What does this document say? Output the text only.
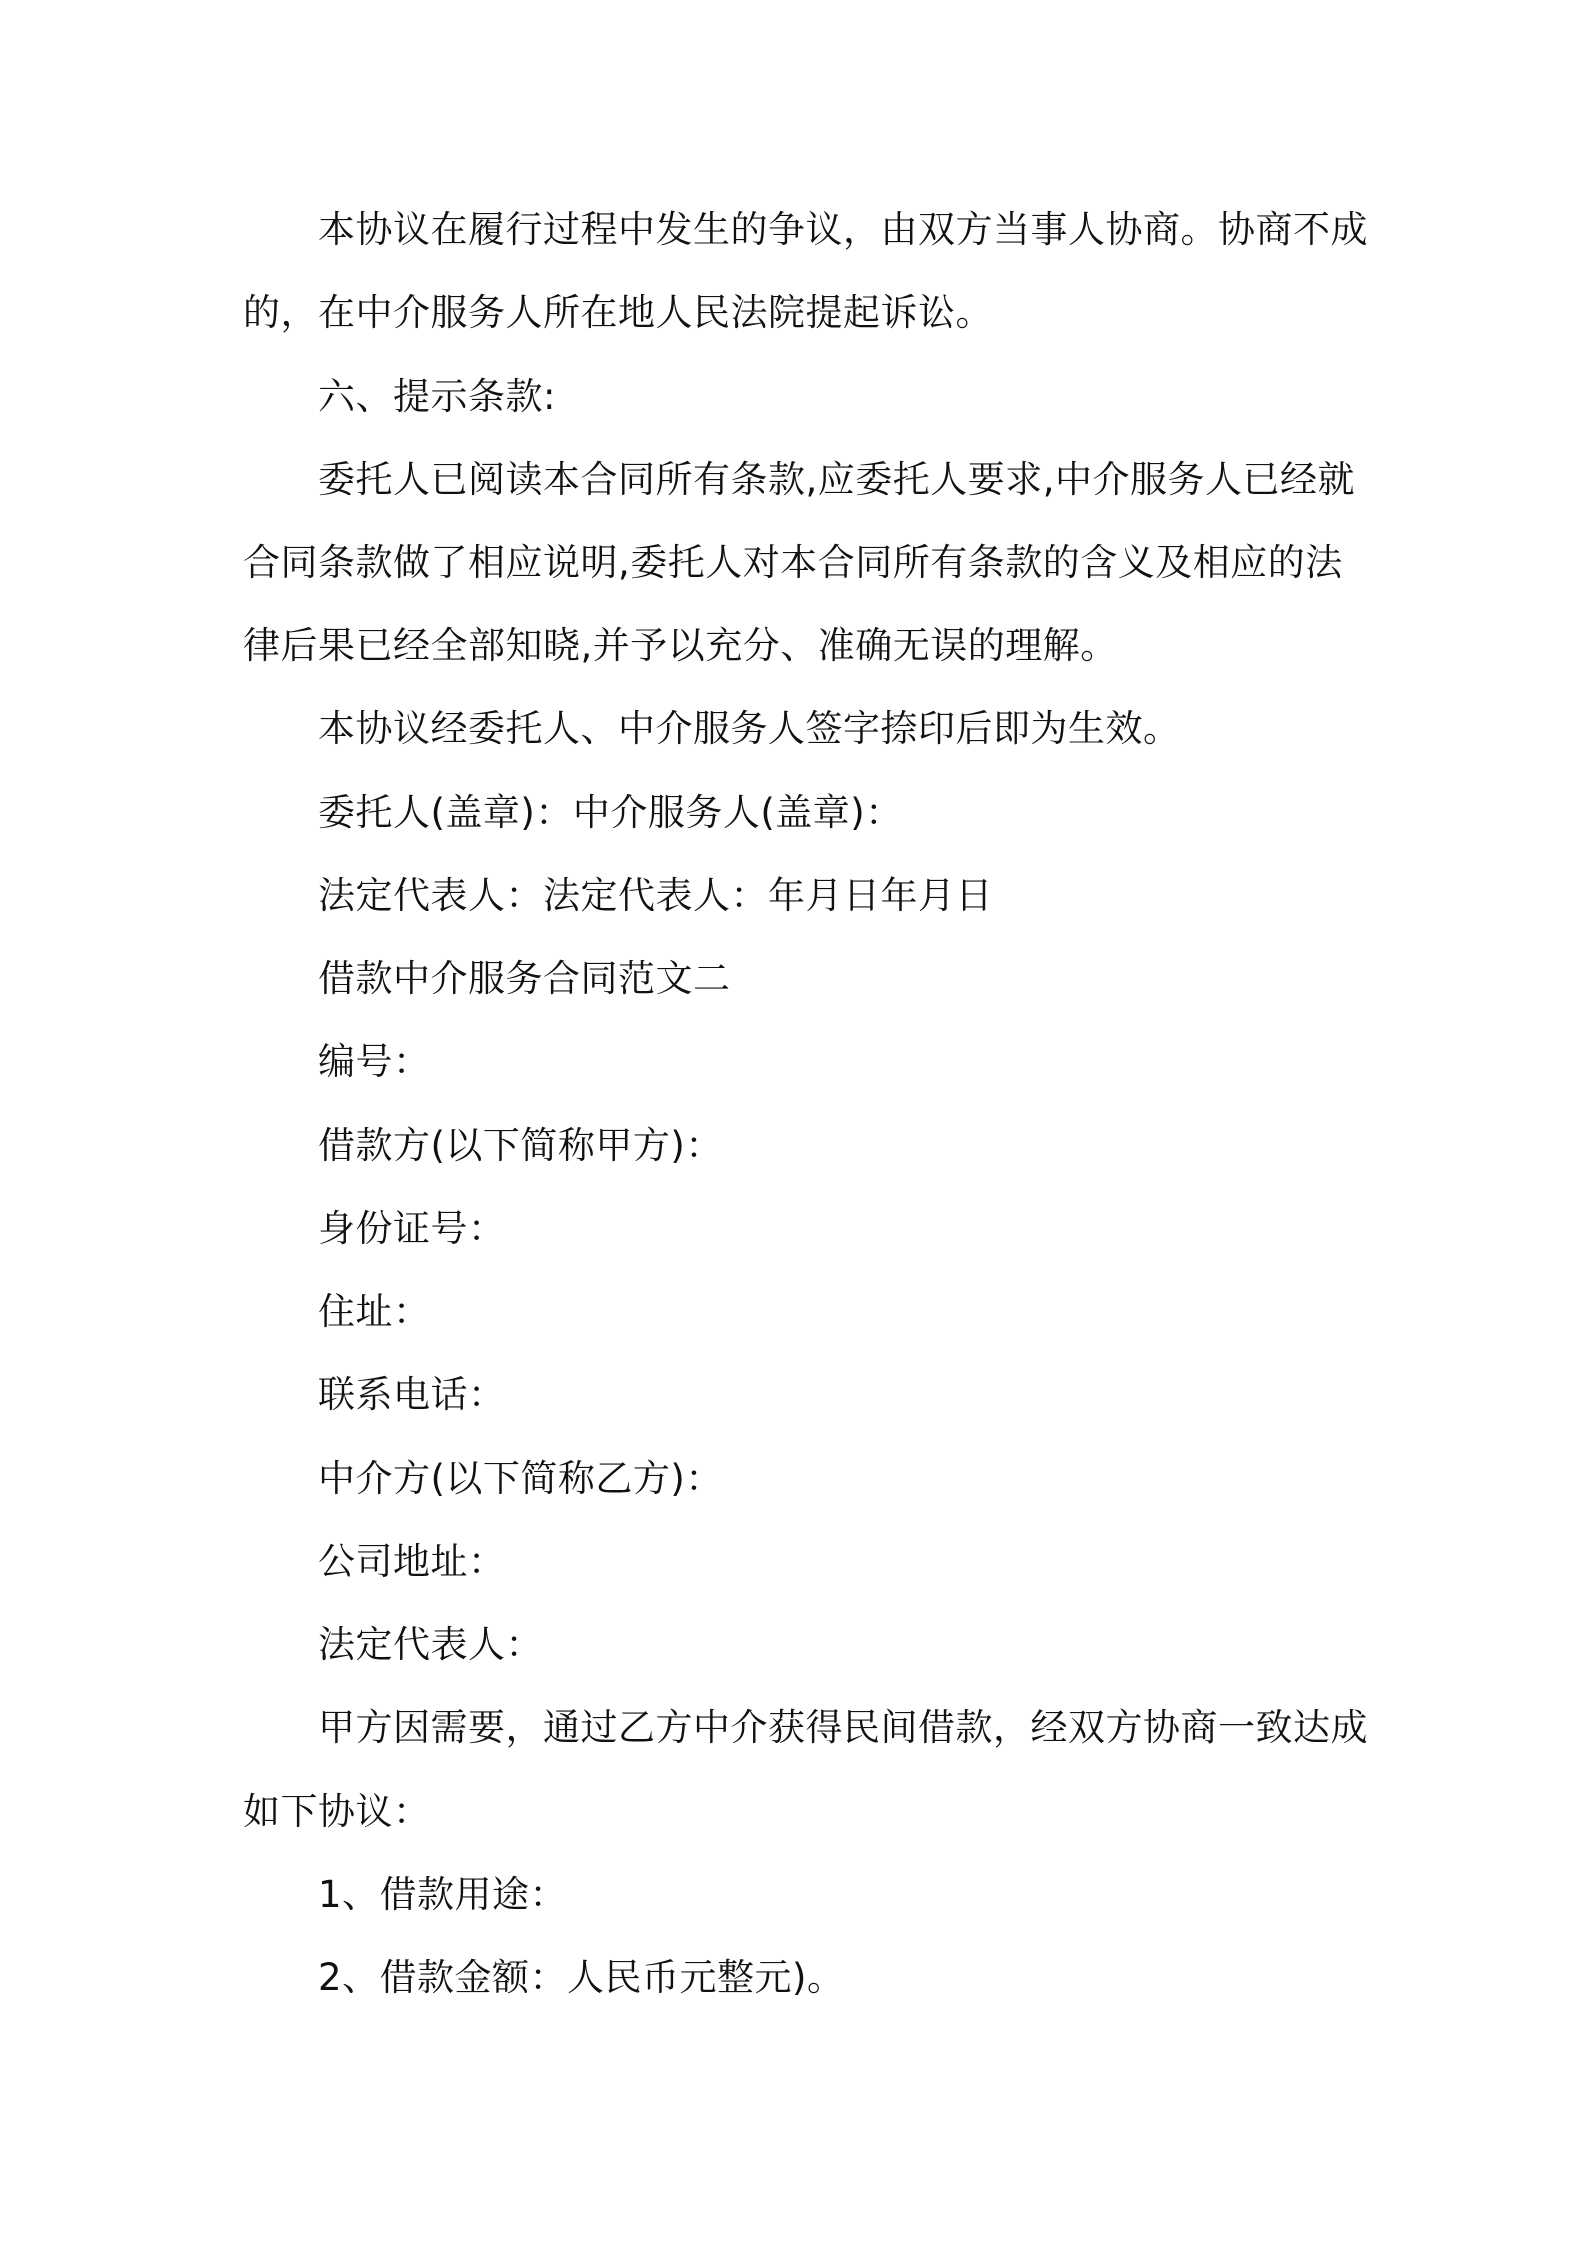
本协议在履行过程中发生的争议，由双方当事人协商。协商不成
的，在中介服务人所在地人民法院提起诉讼。
六、提示条款:
委托人已阅读本合同所有条款,应委托人要求,中介服务人已经就
合同条款做了相应说明,委托人对本合同所有条款的含义及相应的法
律后果已经全部知晓,并予以充分、准确无误的理解。
本协议经委托人、中介服务人签字捺印后即为生效。
委托人(盖章)：中介服务人(盖章)：
法定代表人：法定代表人：年月日年月日
借款中介服务合同范文二
编号：
借款方(以下简称甲方)：
身份证号：
住址：
联系电话：
中介方(以下简称乙方)：
公司地址：
法定代表人：
甲方因需要，通过乙方中介获得民间借款，经双方协商一致达成
如下协议：
1、借款用途：
2、借款金额：人民币元整元)。
